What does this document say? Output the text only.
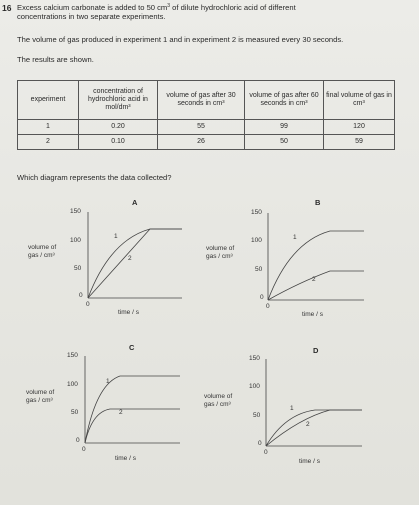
16 Excess calcium carbonate is added to 50 $cm^3$ of dilute hydrochloric acid of different
concentrations in two separate experiments.
The volume of gas produced in experiment 1 and in experiment 2 is measured every 30 seconds.
The results are shown.
experiment	concentration of hydrochloric acid in mol/dm³	volume of gas after 30 seconds in cm³	volume of gas after 60 seconds in cm³	final volume of gas in cm³
1	0.20	55	99	120
2	0.10	26	50	59
Which diagram represents the data collected?
A
volume of gas / cm³
150
100
50
0
0
time / s
1
2
B
volume of gas / cm³
150
100
50
0
0
time / s
1
2
C
volume of gas / cm³
150
100
50
0
0
time / s
1
2
D
volume of gas / cm³
150
100
50
0
0
time / s
1
2
